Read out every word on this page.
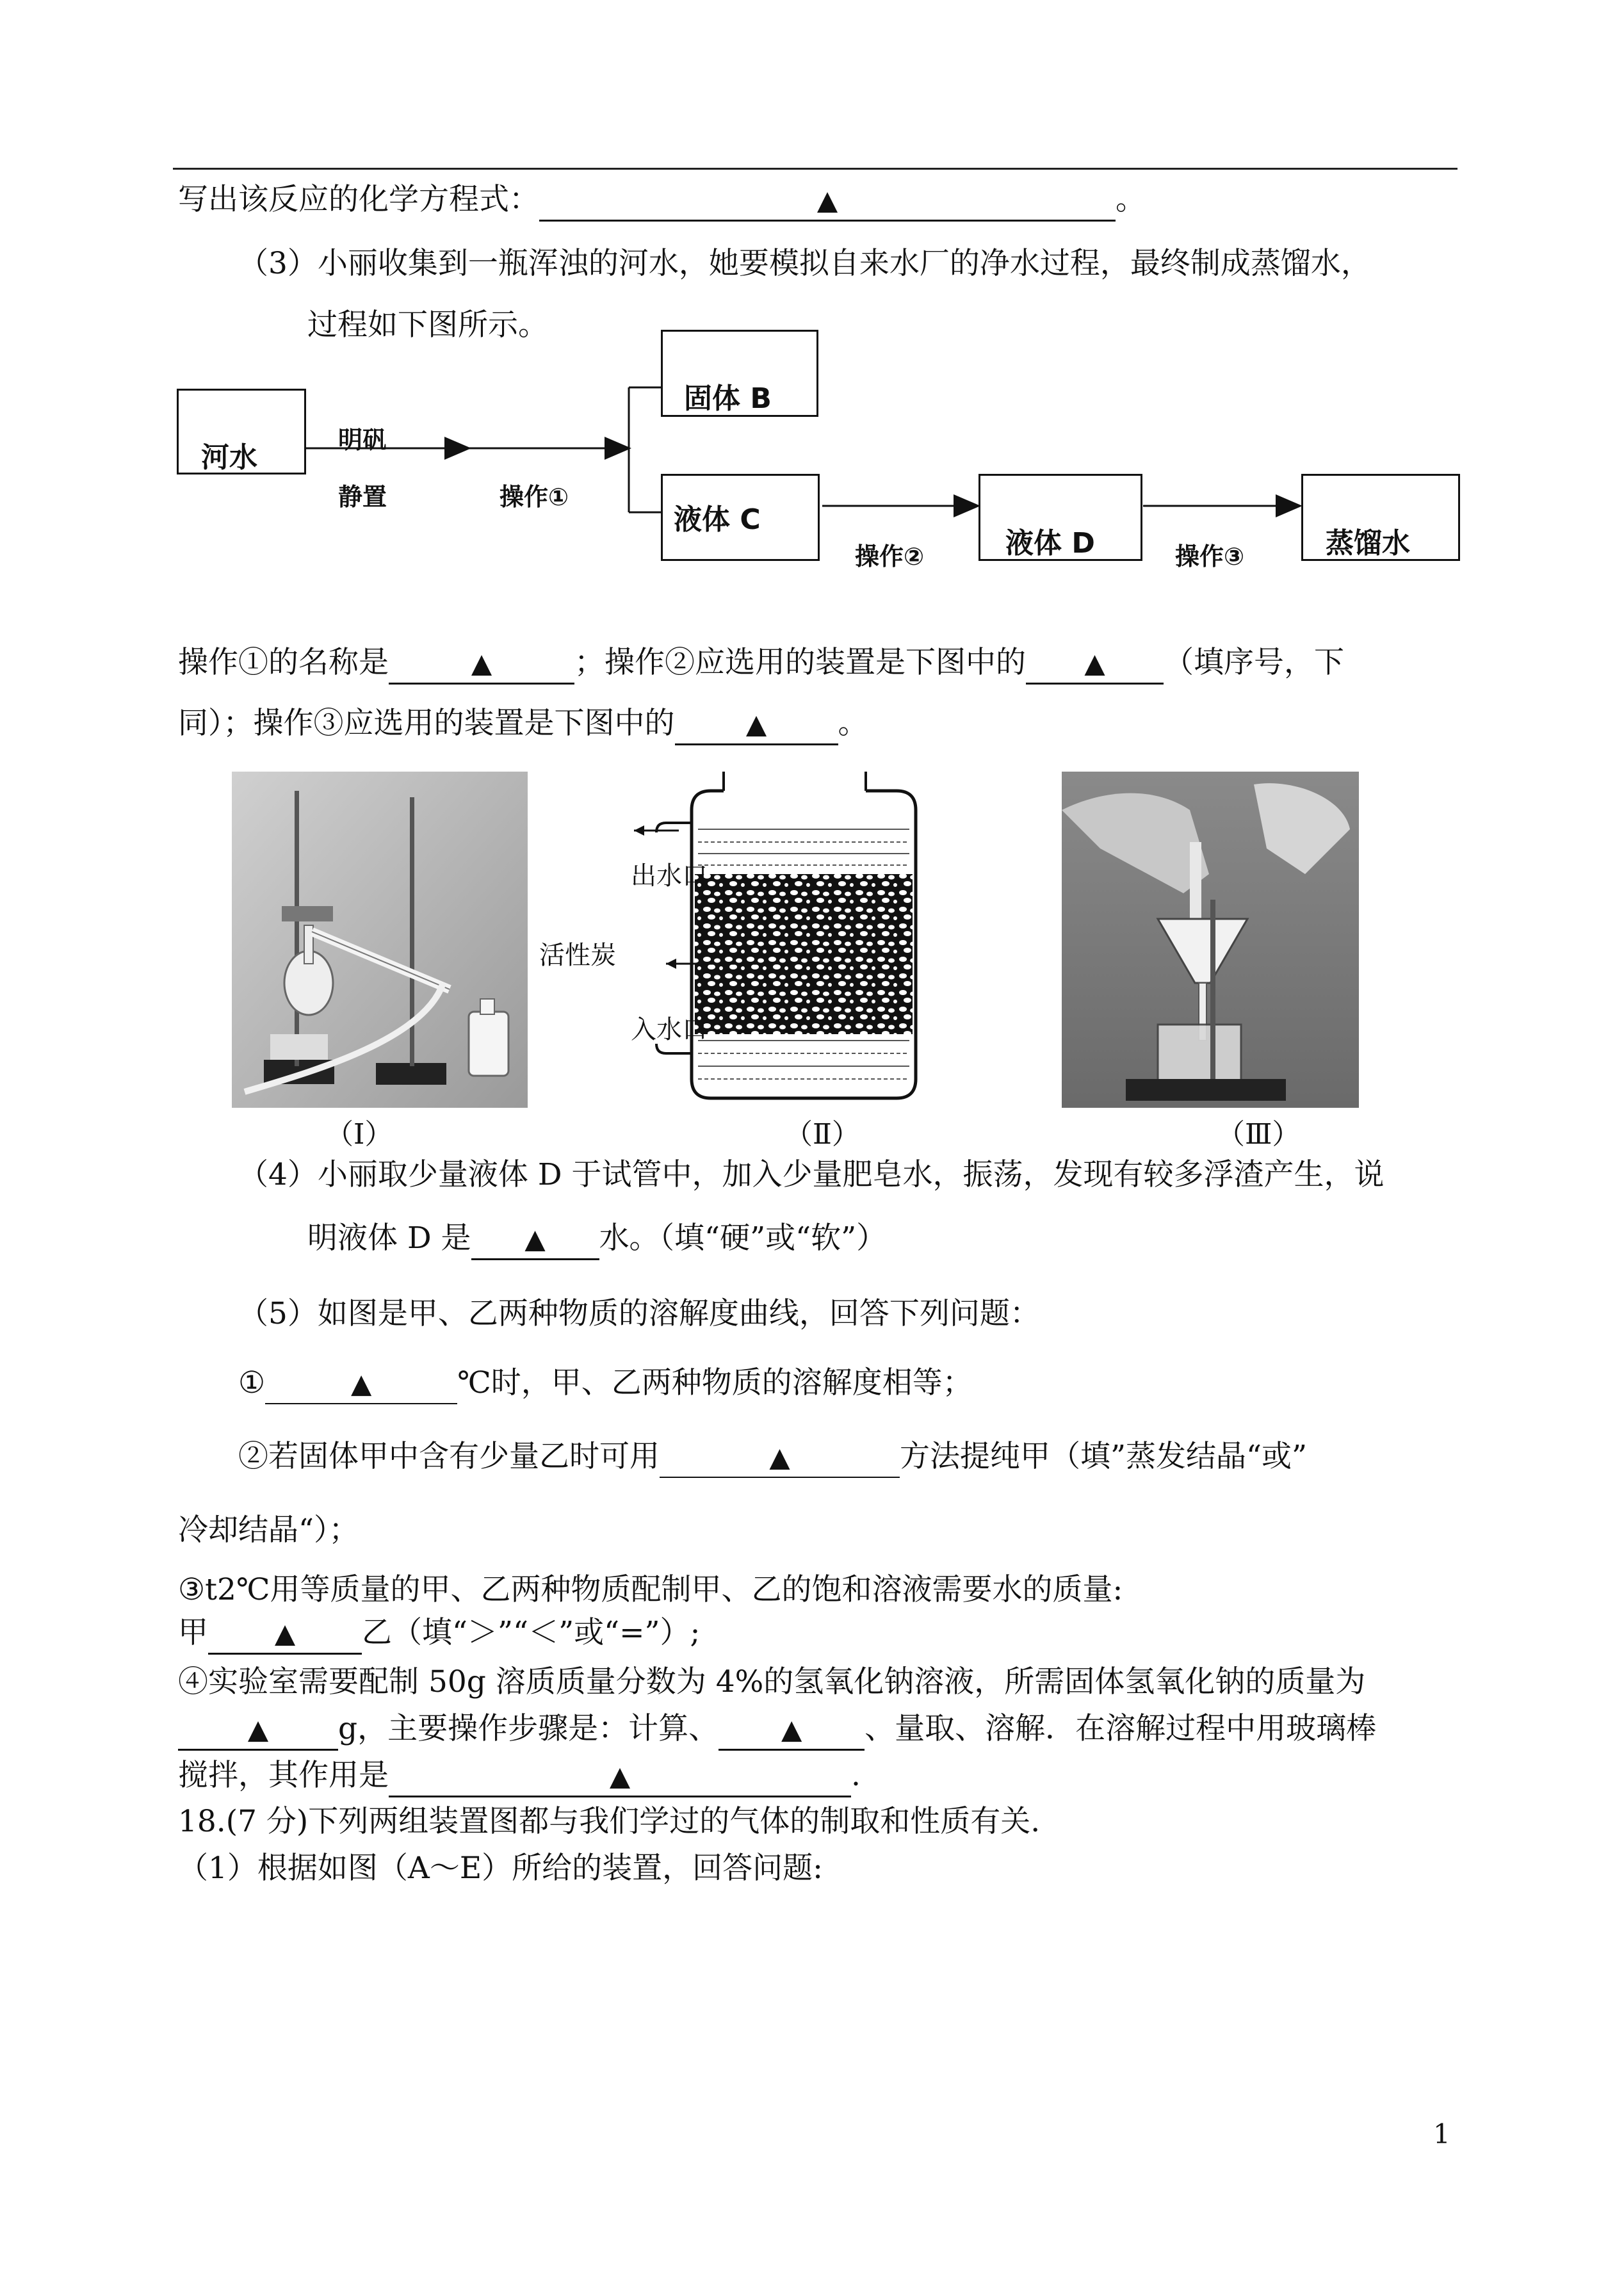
写出该反应的化学方程式：	▲	。
（3）小丽收集到一瓶浑浊的河水，她要模拟自来水厂的净水过程，最终制成蒸馏水，
过程如下图所示。
河水
明矾
静置	操作①
固体 B
液体 C
操作②	液体 D	操作③	蒸馏水
操作①的名称是	▲	；操作②应选用的装置是下图中的 ▲ （填序号，下
同）；操作③应选用的装置是下图中的	▲ 。
（Ⅰ）
出水口
活性炭
入水口
（Ⅱ）	（Ⅲ）
（4）小丽取少量液体 D 于试管中，加入少量肥皂水，振荡，发现有较多浮渣产生，说
明液体 D 是 ▲ 水。（填“硬”或“软”）
（5）如图是甲、乙两种物质的溶解度曲线，回答下列问题：
①	▲	℃时，甲、乙两种物质的溶解度相等；
②若固体甲中含有少量乙时可用	▲	方法提纯甲（填”蒸发结晶“或”
冷却结晶“）；
③t2℃用等质量的甲、乙两种物质配制甲、乙的饱和溶液需要水的质量:
甲 ▲ 乙（填“＞”“＜”或“=”）;
④实验室需要配制 50g 溶质质量分数为 4%的氢氧化钠溶液，所需固体氢氧化钠的质量为
▲ g，主要操作步骤是：计算、 ▲ 、量取、溶解．在溶解过程中用玻璃棒
搅拌，其作用是	▲	.
18.(7 分)下列两组装置图都与我们学过的气体的制取和性质有关.
（1）根据如图（A～E）所给的装置，回答问题:
1
